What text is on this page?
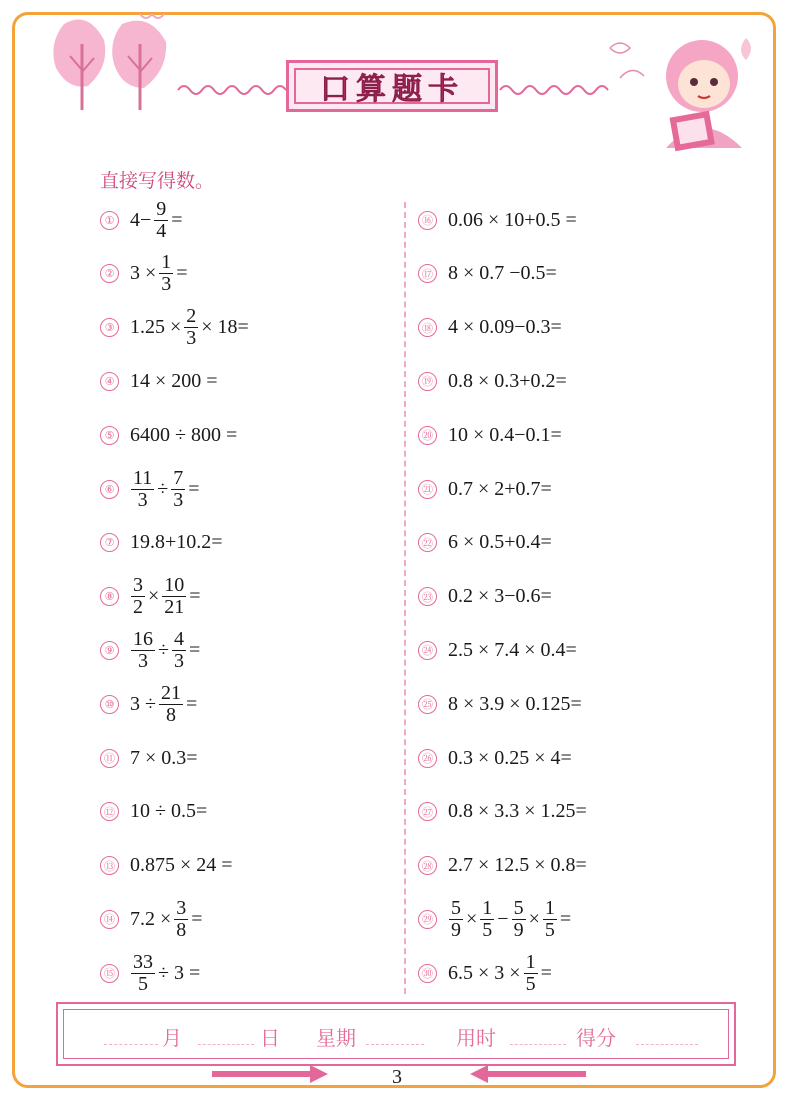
口算题卡
直接写得数。
① $4- \frac{9}{4}$ =
② $3 \times \frac{1}{3}$ =
③ $1.25 \times \frac{2}{3} \times 18=$
④ 14 × 200 =
⑤ 6400 ÷ 800 =
⑥ $\frac{11}{3} \div \frac{7}{3}$ =
⑦ 19.8+10.2=
⑧ $\frac{3}{2} \times \frac{10}{21}$ =
⑨ $\frac{16}{3} \div \frac{4}{3}$ =
⑩ $3 \div \frac{21}{8}$ =
⑪ 7 × 0.3=
⑫ 10 ÷ 0.5=
⑬ 0.875 × 24 =
⑭ $7.2 \times \frac{3}{8}$ =
⑮ $\frac{33}{5} \div 3$ =
⑯ 0.06 × 10+0.5 =
⑰ 8 × 0.7 −0.5=
⑱ 4 × 0.09−0.3=
⑲ 0.8 × 0.3+0.2=
⑳ 10 × 0.4−0.1=
㉑ 0.7 × 2+0.7=
㉒ 6 × 0.5+0.4=
㉓ 0.2 × 3−0.6=
㉔ 2.5 × 7.4 × 0.4=
㉕ 8 × 3.9 × 0.125=
㉖ 0.3 × 0.25 × 4=
㉗ 0.8 × 3.3 × 1.25=
㉘ 2.7 × 12.5 × 0.8=
㉙ $\frac{5}{9} \times \frac{1}{5} - \frac{5}{9} \times \frac{1}{5}$ =
㉚ $6.5 \times 3 \times \frac{1}{5}$ =
月	日 星期	用时	得分
3
